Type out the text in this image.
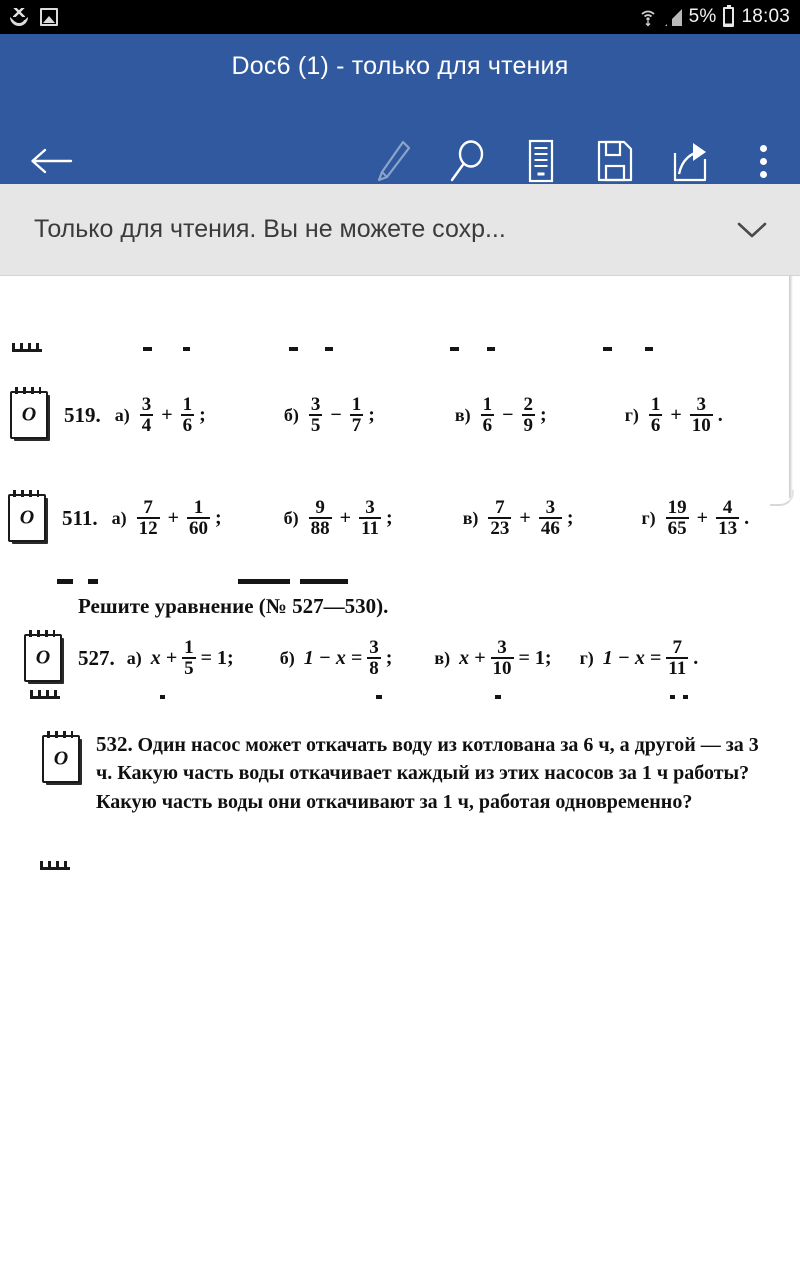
5% 18:03
Doc6 (1) - только для чтения
Только для чтения. Вы не можете сохр...
О	519. $а) \frac{3}{4} + \frac{1}{6}$ ;	$б) \frac{3}{5} - \frac{1}{7}$ ;	$в) \frac{1}{6} - \frac{2}{9}$ ;	$г) \frac{1}{6} + \frac{3}{10}$ .
О	511. $а) \frac{7}{12} + \frac{1}{60}$ ;	$б) \frac{9}{88} + \frac{3}{11}$ ;	$в) \frac{7}{23} + \frac{3}{46}$ ;	$г) \frac{19}{65} + \frac{4}{13}$ .
Решите уравнение (№ 527—530).
О	527. а) $x + \frac{1}{5} = 1$;	б) $1 - x = \frac{3}{8}$ ; в) $x + \frac{3}{10} = 1$; г) $1 - x = \frac{7}{11}$ .
О
532. Один насос может откачать воду из котлована за 6 ч, а другой — за 3 ч. Какую часть воды откачивает каждый из этих насосов за 1 ч работы? Какую часть воды они откачивают за 1 ч, работая одновременно?
